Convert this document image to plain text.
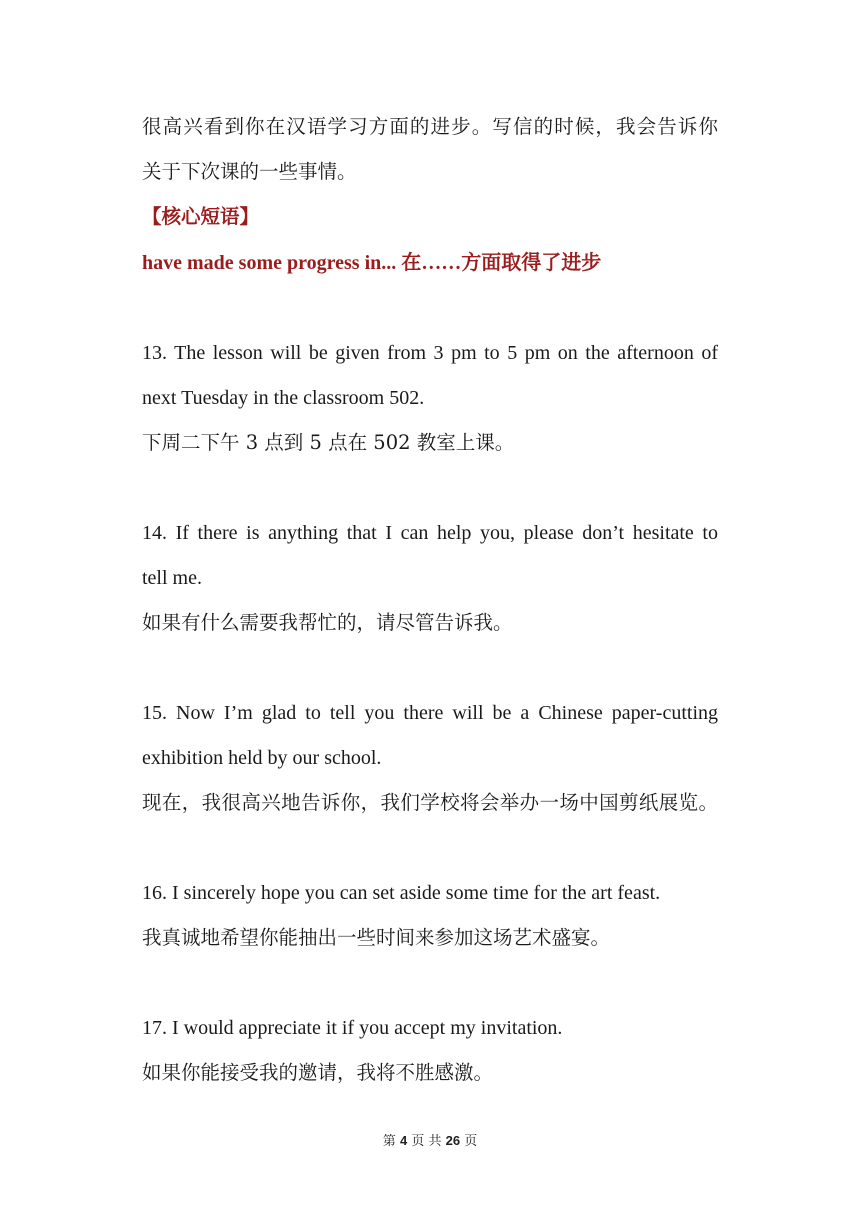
很高兴看到你在汉语学习方面的进步。写信的时候，我会告诉你
关于下次课的一些事情。
【核心短语】
have made some progress in... 在……方面取得了进步
13. The lesson will be given from 3 pm to 5 pm on the afternoon of
next Tuesday in the classroom 502.
下周二下午 3 点到 5 点在 502 教室上课。
14. If there is anything that I can help you, please don’t hesitate to
tell me.
如果有什么需要我帮忙的，请尽管告诉我。
15. Now I’m glad to tell you there will be a Chinese paper-cutting
exhibition held by our school.
现在，我很高兴地告诉你，我们学校将会举办一场中国剪纸展览。
16. I sincerely hope you can set aside some time for the art feast.
我真诚地希望你能抽出一些时间来参加这场艺术盛宴。
17. I would appreciate it if you accept my invitation.
如果你能接受我的邀请，我将不胜感激。
第 4 页 共 26 页
